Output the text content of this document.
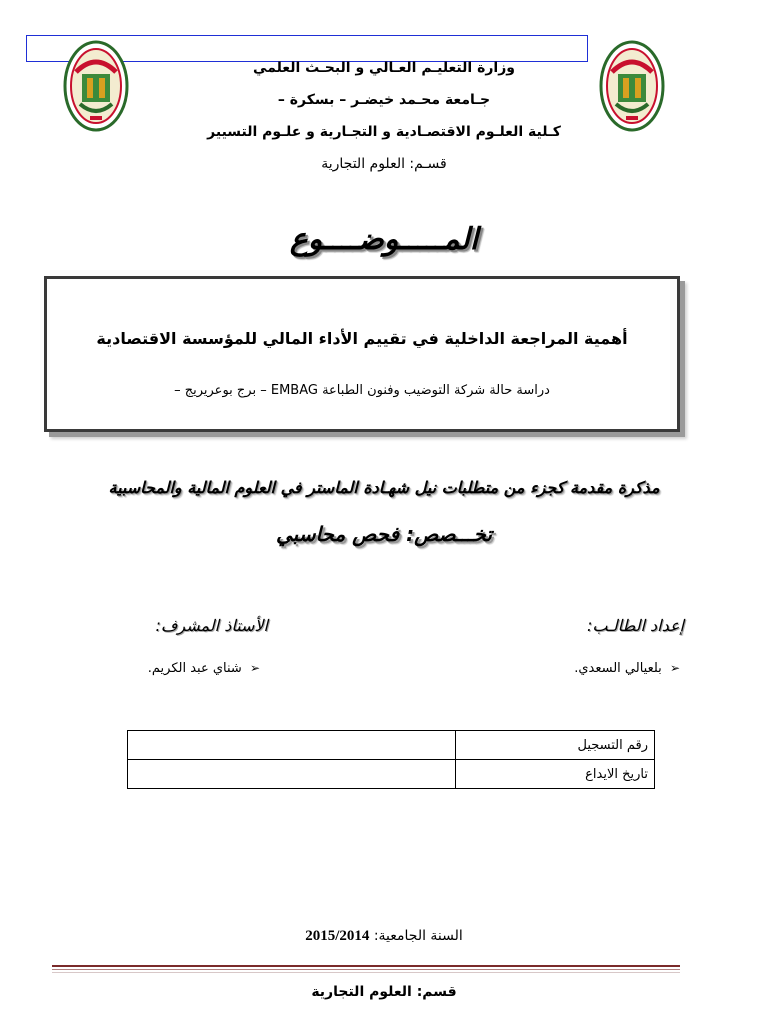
وزارة التعليـم العـالي و البحـث العلمي
جـامعة محـمد خيضـر – بسكرة –
كـلية العلـوم الاقتصـادية و التجـارية و علـوم التسيير
قسـم: العلوم التجارية
المـــــوضــــوع
أهمية المراجعة الداخلية في تقييم الأداء المالي للمؤسسة الاقتصادية
دراسة حالة شركة التوضيب وفنون الطباعة EMBAG – برج بوعريريج –
مذكرة مقدمة كجزء من متطلبات نيل شهـادة الماستر في العلوم المالية والمحاسبية
تخـــصص: فحص محاسبي
إعداد الطالـب:
الأستاذ المشرف:
➢ بلعيالي السعدي.
➢ شناي عبد الكريم.
رقم التسجيل	
تاريخ الايداع	
السنة الجامعية: 2015/2014
قسم: العلوم التجارية
